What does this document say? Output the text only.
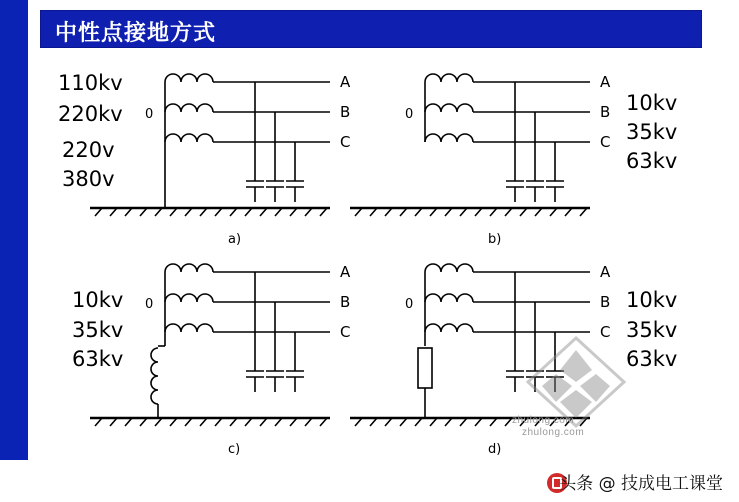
中性点接地方式
110kv
220kv
220v
380v
0
A
B
C
a)
0
A
B
C
10kv
35kv
63kv
b)
10kv
35kv
63kv
0
A
B
C
c)
0
A
B
C
10kv
35kv
63kv
d)
zhulong.com
zhulong.com
头条 @ 技成电工课堂
